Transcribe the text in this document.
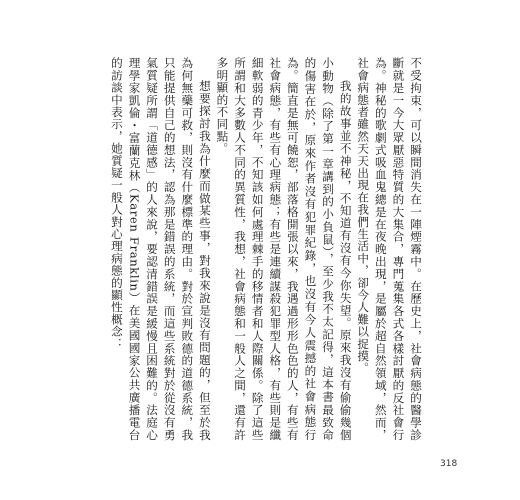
不受拘束，可以瞬間消失在一陣煙霧中。在歷史上，社會病態的醫學診斷就是一今大眾厭惡特質的大集合，專門蒐集各式各樣討厭的反社會行為。神秘的歌劇式吸血鬼總是在夜晚出現，是屬於超自然領域，然而，社會病態者雖然天天出現在我們生活中，卻今人難以捉摸。

我的故事並不神秘，不知道有沒有今你失望。原來我沒有偷偷幾個小動物（除了第一章講到的小負鼠），至少我不太記得，這本書最致命的傷害在於，原來作者沒有犯罪紀錄，也沒有今人震撼的社會病態行為。簡直是無可饒恕，部落格開張以來，我遇過形形色色的人，有些有社會病態，有些有心理病態；有些是連續謀殺犯罪型人格，有些則是纖細軟弱的青少年，不知該如何處理棘手的移情者和人際關係。除了這些所謂和大多數人不同的異質性，我想，社會病態和一般人之間，還有許多明顯的不同點。

想要探討我為什麼而做某些事，對我來說是沒有問題的，但至於我為何無藥可救，則沒有什麼標準的理由。對於宣判敗德的道德系統，我只能提供自己的想法，認為那是錯誤的系統，而這些系統對於從沒有勇氣質疑所謂「道德感」的人來說，要認清錯誤是緩慢且困難的。法庭心理學家凱倫・富蘭克林（Karen Franklin）在美國國家公共廣播電台的訪談中表示，她質疑一般人對心理病態的顯性概念：

318
